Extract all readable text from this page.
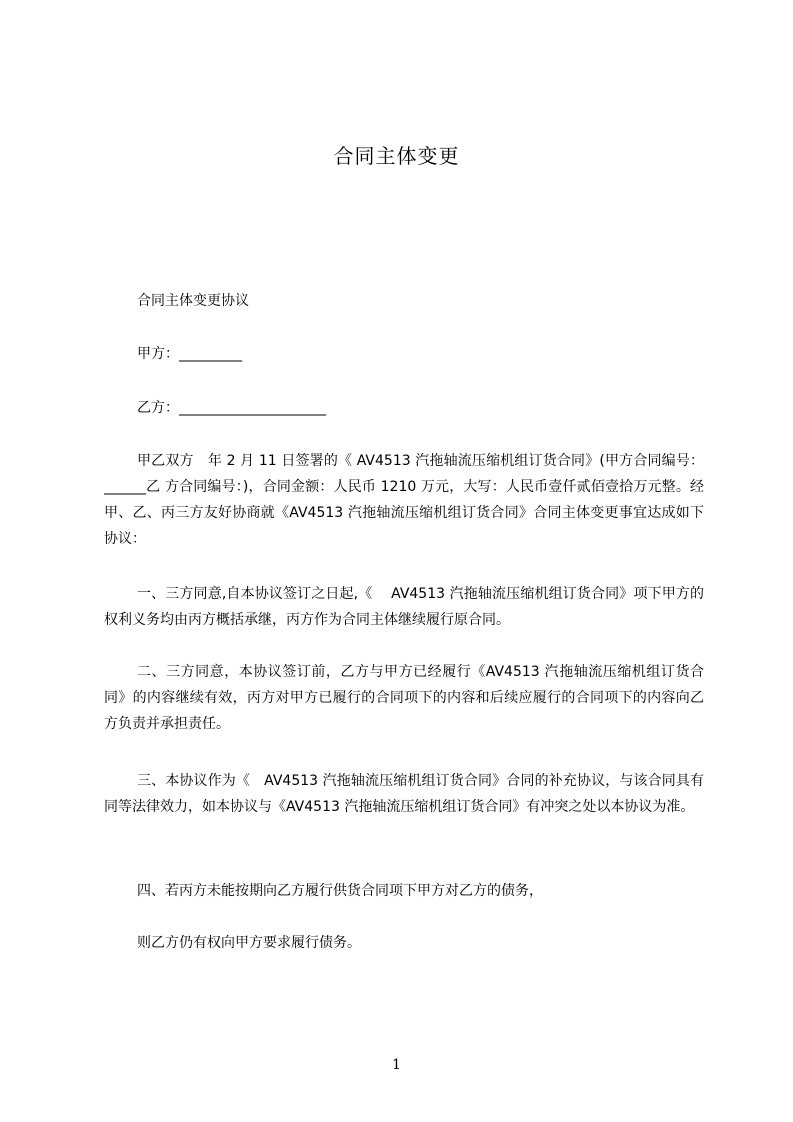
合同主体变更
合同主体变更协议
甲方：_________
乙方：_____________________
甲乙双方　年 2 月 11 日签署的《 AV4513 汽拖轴流压缩机组订货合同》(甲方合同编号：______乙 方合同编号：)，合同金额：人民币 1210 万元，大写：人民币壹仟贰佰壹拾万元整。经甲、乙、丙三方友好协商就《AV4513 汽拖轴流压缩机组订货合同》合同主体变更事宜达成如下协议：
一、三方同意,自本协议签订之日起,《　 AV4513 汽拖轴流压缩机组订货合同》项下甲方的权利义务均由丙方概括承继，丙方作为合同主体继续履行原合同。
二、三方同意，本协议签订前，乙方与甲方已经履行《AV4513 汽拖轴流压缩机组订货合同》的内容继续有效，丙方对甲方已履行的合同项下的内容和后续应履行的合同项下的内容向乙方负责并承担责任。
三、本协议作为《　AV4513 汽拖轴流压缩机组订货合同》合同的补充协议，与该合同具有同等法律效力，如本协议与《AV4513 汽拖轴流压缩机组订货合同》有冲突之处以本协议为准。
四、若丙方未能按期向乙方履行供货合同项下甲方对乙方的债务，
则乙方仍有权向甲方要求履行债务。
1
